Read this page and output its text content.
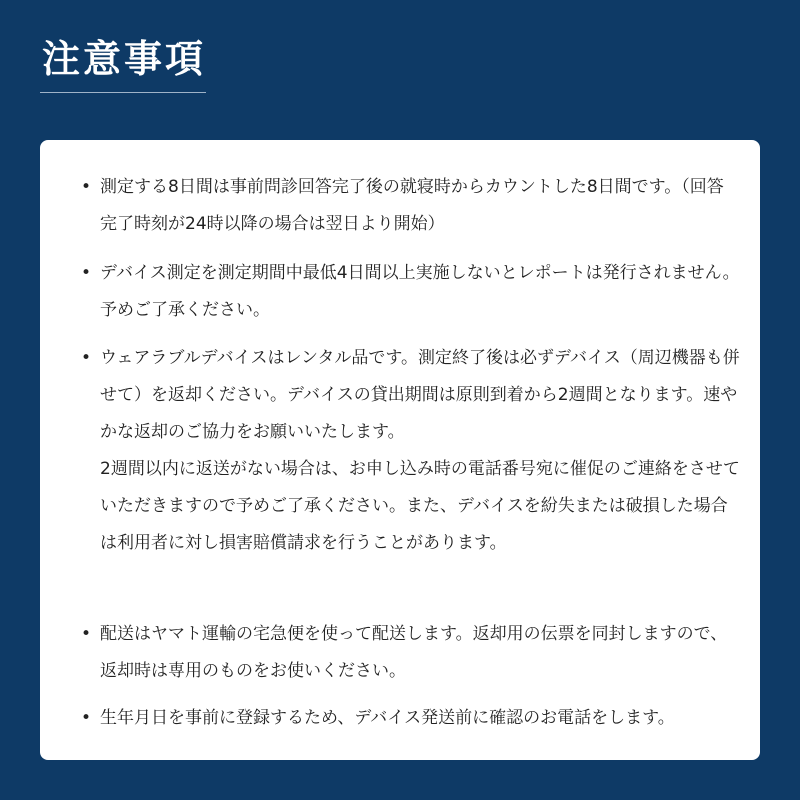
注意事項
• 測定する8日間は事前問診回答完了後の就寝時からカウントした8日間です。（回答完了時刻が24時以降の場合は翌日より開始）

• デバイス測定を測定期間中最低4日間以上実施しないとレポートは発行されません。予めご了承ください。

• ウェアラブルデバイスはレンタル品です。測定終了後は必ずデバイス（周辺機器も併せて）を返却ください。デバイスの貸出期間は原則到着から2週間となります。速やかな返却のご協力をお願いいたします。

2週間以内に返送がない場合は、お申し込み時の電話番号宛に催促のご連絡をさせていただきますので予めご了承ください。また、デバイスを紛失または破損した場合は利用者に対し損害賠償請求を行うことがあります。

• 配送はヤマト運輸の宅急便を使って配送します。返却用の伝票を同封しますので、返却時は専用のものをお使いください。

• 生年月日を事前に登録するため、デバイス発送前に確認のお電話をします。
